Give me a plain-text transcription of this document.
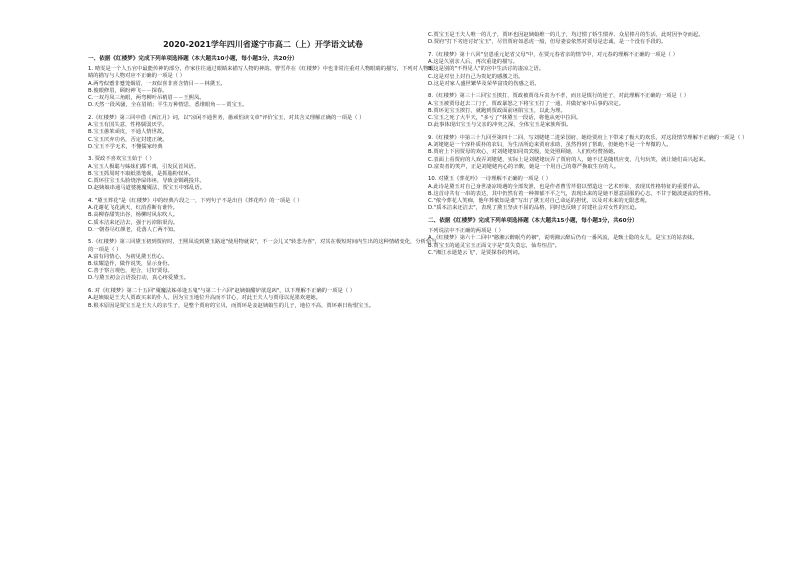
2020-2021学年四川省遂宁市高二（上）开学语文试卷
一、依据《红楼梦》完成下列单项选择题（本大题共10小题，每小题3分，共20分）

1. 晴雯是一个人五官中最能传神的部分，作家往往通过眼睛来描写人物的神韵。曹雪芹在《红楼梦》中也非常注重对人物眼睛的描写，下列对人物眼睛的描写与人物对应不正确的一项是（ ）

A.两弯似蹙非蹙笼烟眉，一双似喜非喜含情目－－林黛玉。

B.俊眼修眉，顾盼神飞－－探春。

C.一双丹凤三角眼，两弯柳叶吊梢眉－－王熙凤。

D.天然一段风骚，全在眉梢；平生万种情思，悉堆眼角－－贾宝玉。

2.《红楼梦》第三回中借《西江月》词，以"凉闲不通世务，愚顽怕读文章"评价宝玉，对其含义理解正确的一项是（ ）

A.宝玉有国失意，性格懦弱厌学。

B.宝玉愚笨顽皮，不通人情世故。

C.宝玉厌弃功名，否定封建正统。

D.宝玉不学无术，不懂儒家经典

3. 贾政不喜欢宝玉始于（ ）

A.宝玉人极聪与姊妹们都不离，引发民首风语。

B.宝玉抓周时不取纸墨笔砚，是抓脂粉钗环。

C.贾环往宝玉头脸烧净屎纬诬，导致金钏跳投井。

D.赵姨娘串通马道婆施魔魇法，贾宝玉中邪乱语。

4. "黛玉葬花"是《红楼梦》中的经典片段之一，下列句子不是出自《葬花吟》的一项是（ ）

A.花谢花飞花满天，红消香断有谁怜。

B.高柳春甜笑出谷，杨柳时风东吹人。

C.质本洁来还洁去，强于污淖陷渠沟。

D.一朝春尽红颜老，花落人亡两不知。

5.《红楼梦》第三回黛玉初到贾府时，王熙凤说到黛玉路途"使用物就说"，不一会儿又"转悲为喜"，对其在极短时间内生出的这种情绪变化，分析恰当的一项是（ ）

A.富有同情心，为初见黛玉伤心。

B.炫耀造作，做作说笑，显示身份。

C.善于察言观色，迎合，讨好贾母。

D.与黛玉初会言语投打动，真心疼爱黛玉。

6. 对《红楼梦》第二十五回"魇魔法姊弟逢五鬼"与第二十六回"赵姨娘醋妒欲逞凶"，以下理解不正确的一项是（ ）

A.赵姨娘是王夫人贾政买来的仆人，因为宝玉地位升高而不甘心，对此王夫人与贾母以泥墨欢迎她。

B.根本原因是贾宝玉是王夫人的亲生子，是整个贾府的宝贝，而贾环是妾赵姨娘生的儿子，地位不高，贾环素日衔恨宝玉。

C.贾宝玉是王夫人唯一的儿子，贾环也因赵姨娘维一的儿子，均过惯了娇生惯养、众星捧月的生活，此时因争夺而起。

D.贾府"打下劣迹讨好宝玉"，尽管贾府如恶虎一般，但母妻妾依然对贾母是忠诚，是一个没有手段的。

7.《红楼梦》第十八回"皇恩重元妃省父母"中，在贾元春省亲的情节中，对元春的理解不正确的一项是（ ）

A.这是久别亲人后，再次重逢的描写。

B.这是别的"不得见人"的宫中生活讨的凄凉之语。

C.这是对皇上封自己为贵妃的感激之语。

D.这是对家人盛世繁华及荣华富贵的伤感之语。

8.《红楼梦》第三十三回宝玉挨打，贾政被贾母斥责为不孝，而且是慎行的逆子，对此理解不正确的一项是（ ）

A.宝玉被贾母赶去二门子，贾政暴怒之下将宝玉打了一通，并做好家中后事的决定。

B.贾环见宝玉挨打，就跑到贾政面前诬陷宝玉，以此为理。

C.宝玉之死了大半天，"多亏了"林黛玉一段话，将他从死中拉回。

D.此事体现出宝玉与父亲的冲突之深，全体宝玉是家族所惧。

9.《红楼梦》中第三十九回至第四十二回，写刘姥姥二进荣国府，她给贾府上下带来了极大的欢乐，对这段情节理解不正确的一项是（ ）

A.刘姥姥是一个淳朴质朴的农妇，为生活所迫来贾府求助，虽然得到了帮助，但她绝不是一个卑微的人。

B.贾府上下因贾母的欢心，对刘姥姥如同贵宾般，处处照顾她，人们纷纷赞扬她。

C.表面上看贾府的人戏弄刘姥姥，实际上是刘姥姥玩弄了贾府的人，她不过是随机应变，几句玩笑，就让她们高兴起来。

D.富贵者的笑声，正是刘姥姥内心的辛酸，她是一个用自己的尊严换取生存的人。

10. 对黛玉《葬花吟》一诗理解不正确的一项是（ ）

A.此诗是黛玉对自己身世凄凉境遇的全部发泄，也是作者曹雪芹借以塑造这一艺术形象，表现其性格特征的重要作品。

B.这首诗共有一串的表达，其中仍然有着一种抑郁不平之气，表现出来的是她不愿意屈服的心志，不甘于随波逐流的性格。

C."侬今葬花人笑痴，他年葬侬知是谁"写出了黛玉对自己命运的担忧，以及对未来的无限悲观。

D."质本洁来还洁去"，表现了黛玉坚贞不屈的品格，同时也反映了封建社会对女性的压迫。

二、依据《红楼梦》完成下列单项选择题（本大题共15小题，每小题3分，共60分）

下列说法中不正确的两项是（ ）

A.《红楼梦》第六十二回中"憨湘云醉眠芍药裀"，说明湘云醉后仍有一番风流，是甄士隐的女儿，是宝玉的姑表妹。

B.贾宝玉的通灵宝玉正面文字是"莫失莫忘，仙寿恒昌"。

C."湘江水逝楚云飞"，是贾探春的判词。
